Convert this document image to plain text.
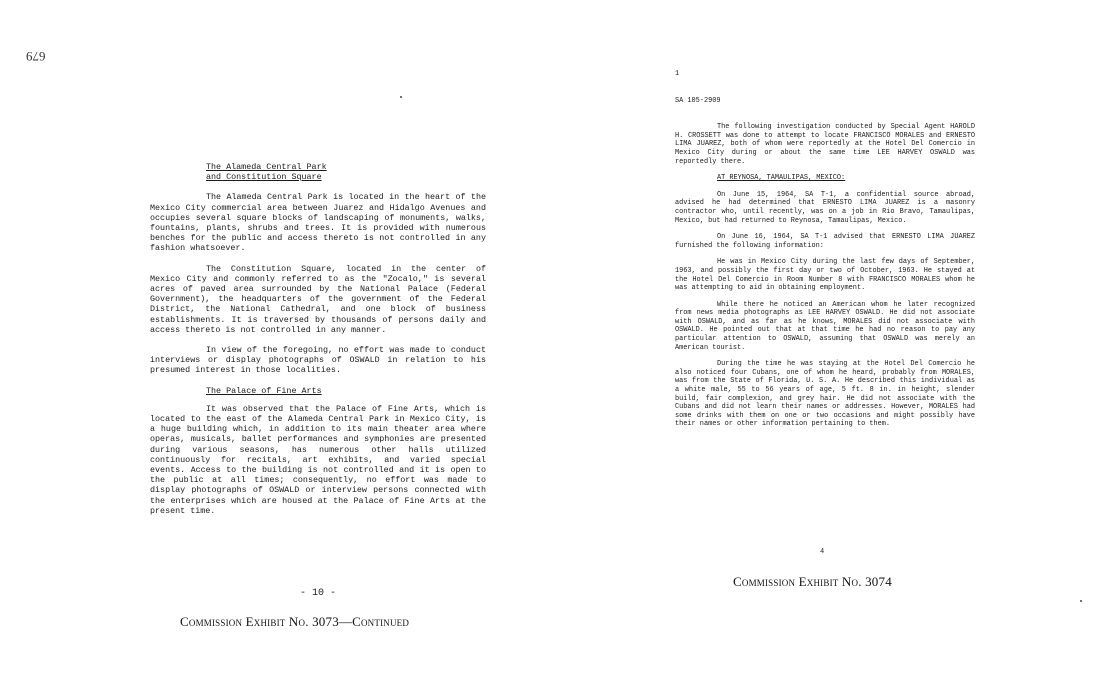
679
The Alameda Central Park
and Constitution Square

The Alameda Central Park is located in the heart of the Mexico City commercial area between Juarez and Hidalgo Avenues and occupies several square blocks of landscaping of monuments, walks, fountains, plants, shrubs and trees. It is provided with numerous benches for the public and access thereto is not controlled in any fashion whatsoever.

The Constitution Square, located in the center of Mexico City and commonly referred to as the "Zocalo," is several acres of paved area surrounded by the National Palace (Federal Government), the headquarters of the government of the Federal District, the National Cathedral, and one block of business establishments. It is traversed by thousands of persons daily and access thereto is not controlled in any manner.

In view of the foregoing, no effort was made to conduct interviews or display photographs of OSWALD in relation to his presumed interest in those localities.

The Palace of Fine Arts

It was observed that the Palace of Fine Arts, which is located to the east of the Alameda Central Park in Mexico City, is a huge building which, in addition to its main theater area where operas, musicals, ballet performances and symphonies are presented during various seasons, has numerous other halls utilized continuously for recitals, art exhibits, and varied special events. Access to the building is not controlled and it is open to the public at all times; consequently, no effort was made to display photographs of OSWALD or interview persons connected with the enterprises which are housed at the Palace of Fine Arts at the present time.

- 10 -
Commission Exhibit No. 3073—Continued
1
SA 105-2909

The following investigation conducted by Special Agent HAROLD H. CROSSETT was done to attempt to locate FRANCISCO MORALES and ERNESTO LIMA JUAREZ, both of whom were reportedly at the Hotel Del Comercio in Mexico City during or about the same time LEE HARVEY OSWALD was reportedly there.

AT REYNOSA, TAMAULIPAS, MEXICO:

On June 15, 1964, SA T-1, a confidential source abroad, advised he had determined that ERNESTO LIMA JUAREZ is a masonry contractor who, until recently, was on a job in Rio Bravo, Tamaulipas, Mexico, but had returned to Reynosa, Tamaulipas, Mexico.

On June 16, 1964, SA T-1 advised that ERNESTO LIMA JUAREZ furnished the following information:

He was in Mexico City during the last few days of September, 1963, and possibly the first day or two of October, 1963. He stayed at the Hotel Del Comercio in Room Number 8 with FRANCISCO MORALES whom he was attempting to aid in obtaining employment.

While there he noticed an American whom he later recognized from news media photographs as LEE HARVEY OSWALD. He did not associate with OSWALD, and as far as he knows, MORALES did not associate with OSWALD. He pointed out that at that time he had no reason to pay any particular attention to OSWALD, assuming that OSWALD was merely an American tourist.

During the time he was staying at the Hotel Del Comercio he also noticed four Cubans, one of whom he heard, probably from MORALES, was from the State of Florida, U. S. A. He described this individual as a white male, 55 to 56 years of age, 5 ft. 8 in. in height, slender build, fair complexion, and grey hair. He did not associate with the Cubans and did not learn their names or addresses. However, MORALES had some drinks with them on one or two occasions and might possibly have their names or other information pertaining to them.

4
Commission Exhibit No. 3074
